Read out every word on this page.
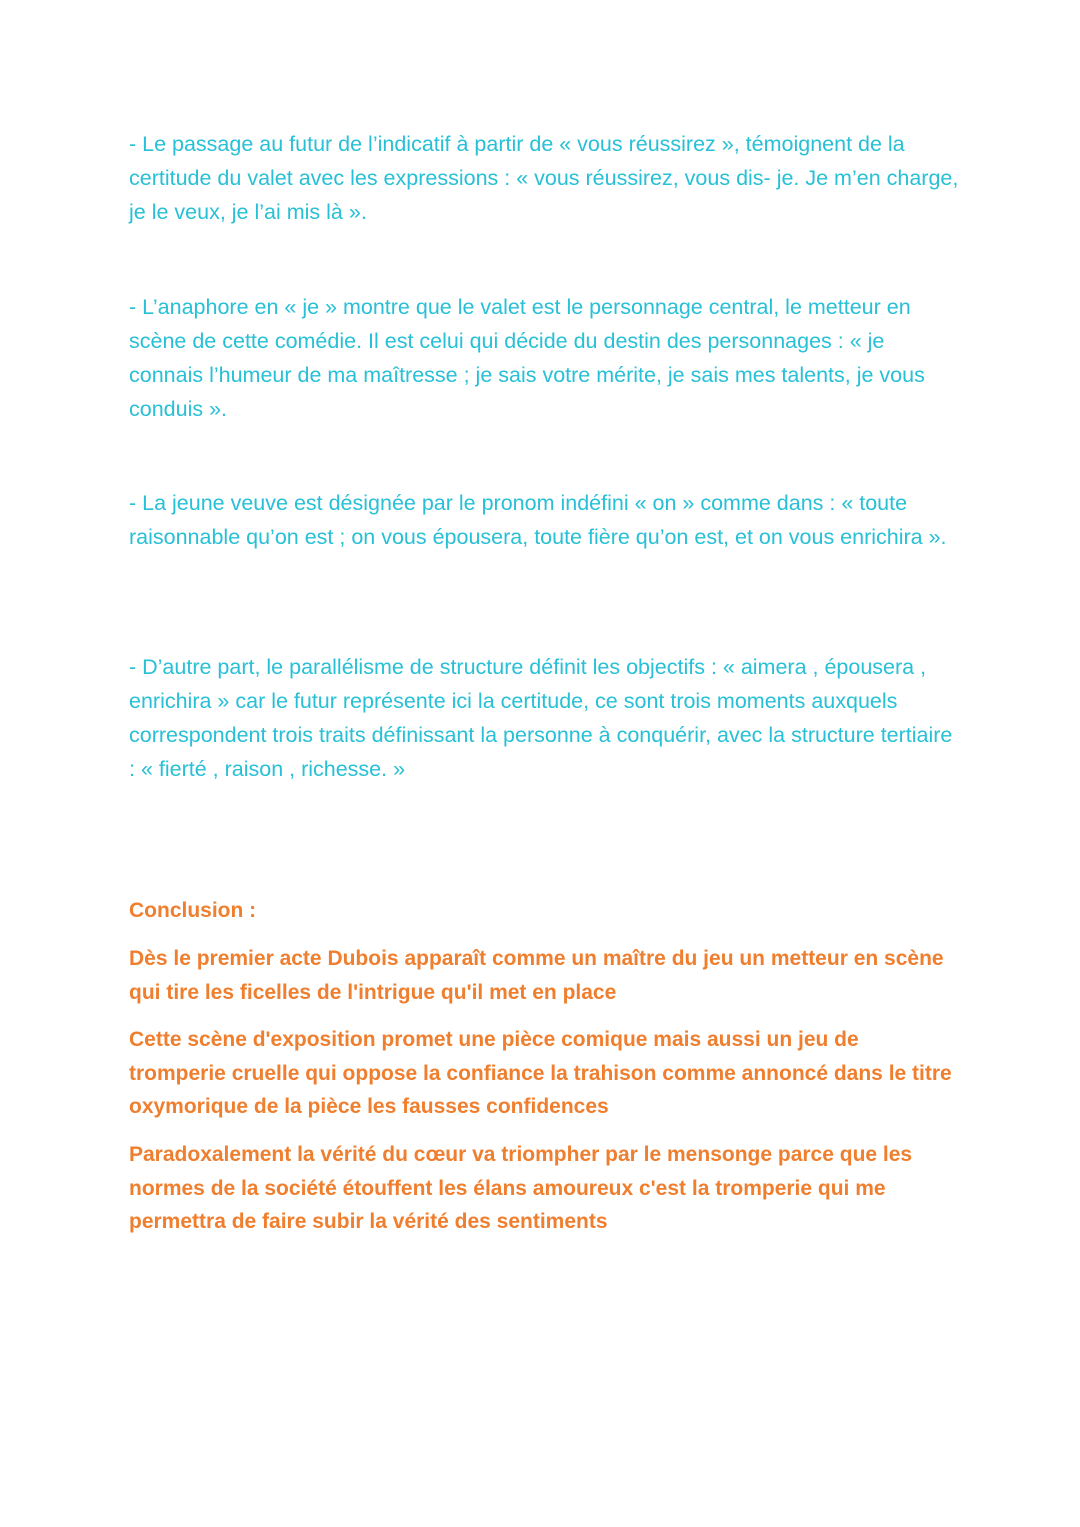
- Le passage au futur de l’indicatif à partir de « vous réussirez », témoignent de la certitude du valet avec les expressions : « vous réussirez, vous dis- je. Je m’en charge, je le veux, je l’ai mis là ».

- L’anaphore en « je » montre que le valet est le personnage central, le metteur en scène de cette comédie. Il est celui qui décide du destin des personnages : « je connais l’humeur de ma maîtresse ; je sais votre mérite, je sais mes talents, je vous conduis ».

- La jeune veuve est désignée par le pronom indéfini « on » comme dans : « toute raisonnable qu’on est ; on vous épousera, toute fière qu’on est, et on vous enrichira ».

- D’autre part, le parallélisme de structure définit les objectifs : « aimera , épousera , enrichira » car le futur représente ici la certitude, ce sont trois moments auxquels correspondent trois traits définissant la personne à conquérir, avec la structure tertiaire : « fierté , raison , richesse. »

Conclusion :
Dès le premier acte Dubois apparaît comme un maître du jeu un metteur en scène qui tire les ficelles de l'intrigue qu'il met en place
Cette scène d'exposition promet une pièce comique mais aussi un jeu de tromperie cruelle qui oppose la confiance la trahison comme annoncé dans le titre oxymorique de la pièce les fausses confidences
Paradoxalement la vérité du cœur va triompher par le mensonge parce que les normes de la société étouffent les élans amoureux c'est la tromperie qui me permettra de faire subir la vérité des sentiments
